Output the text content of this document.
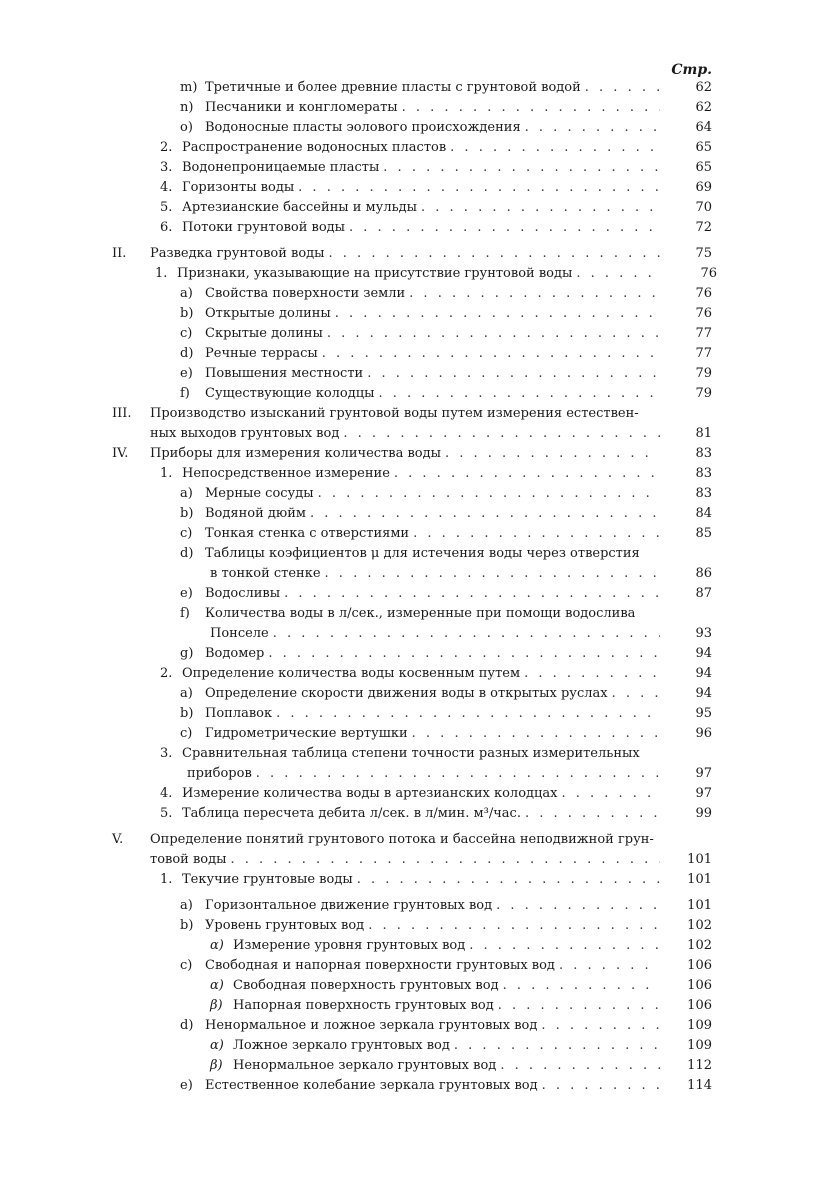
Стр.
m) Третичные и более древние пласты с грунтовой водой . . .	62
n) Песчаники и конгломераты . . .	62
o) Водоносные пласты эолового происхождения . . .	64
2. Распространение водоносных пластов . . .	65
3. Водонепроницаемые пласты . . .	65
4. Горизонты воды . . .	69
5. Артезианские бассейны и мульды . . .	70
6. Потоки грунтовой воды . . .	72
II. Разведка грунтовой воды . . .	75
1. Признаки, указывающие на присутствие грунтовой воды . . .	76
a) Свойства поверхности земли . . .	76
b) Открытые долины . . .	76
c) Скрытые долины . . .	77
d) Речные террасы . . .	77
e) Повышения местности . . .	79
f) Существующие колодцы . . .	79
III. Производство изысканий грунтовой воды путем измерения естествен-
ных выходов грунтовых вод . . .	81
IV. Приборы для измерения количества воды . . .	83
1. Непосредственное измерение . . .	83
a) Мерные сосуды . . .	83
b) Водяной дюйм . . .	84
c) Тонкая стенка с отверстиями . . .	85
d) Таблицы коэфициентов μ для истечения воды через отверстия
в тонкой стенке . . .	86
e) Водосливы . . .	87
f) Количества воды в л/сек., измеренные при помощи водослива
Понселе . . .	93
g) Водомер . . .	94
2. Определение количества воды косвенным путем . . .	94
a) Определение скорости движения воды в открытых руслах . . .	94
b) Поплавок . . .	95
c) Гидрометрические вертушки . . .	96
3. Сравнительная таблица степени точности разных измерительных
приборов . . .	97
4. Измерение количества воды в артезианских колодцах . . .	97
5. Таблица пересчета дебита л/сек. в л/мин. м³/час. . . .	99
V. Определение понятий грунтового потока и бассейна неподвижной грун-
товой воды . . .	101
1. Текучие грунтовые воды . . .	101
a) Горизонтальное движение грунтовых вод . . .	101
b) Уровень грунтовых вод . . .	102
α) Измерение уровня грунтовых вод . . .	102
c) Свободная и напорная поверхности грунтовых вод . . .	106
α) Свободная поверхность грунтовых вод . . .	106
β) Напорная поверхность грунтовых вод . . .	106
d) Ненормальное и ложное зеркала грунтовых вод . . .	109
α) Ложное зеркало грунтовых вод . . .	109
β) Ненормальное зеркало грунтовых вод . . .	112
e) Естественное колебание зеркала грунтовых вод . . .	114
